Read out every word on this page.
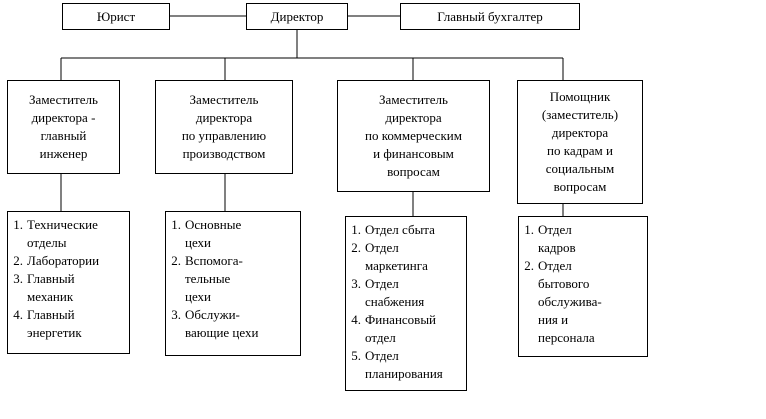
Юрист	Директор	Главный бухгалтер
Заместитель
директора -
главный
инженер
Заместитель
директора
по управлению
производством
Заместитель
директора
по коммерческим
и финансовым
вопросам
Помощник
(заместитель)
директора
по кадрам и
социальным
вопросам
1. Технические
отделы
2. Лаборатории
3. Главный
механик
4. Главный
энергетик
1. Основные
цехи
2. Вспомога-
тельные
цехи
3. Обслужи-
вающие цехи
1. Отдел сбыта
2. Отдел
маркетинга
3. Отдел
снабжения
4. Финансовый
отдел
5. Отдел
планирования
1. Отдел
кадров
2. Отдел
бытового
обслужива-
ния и
персонала
